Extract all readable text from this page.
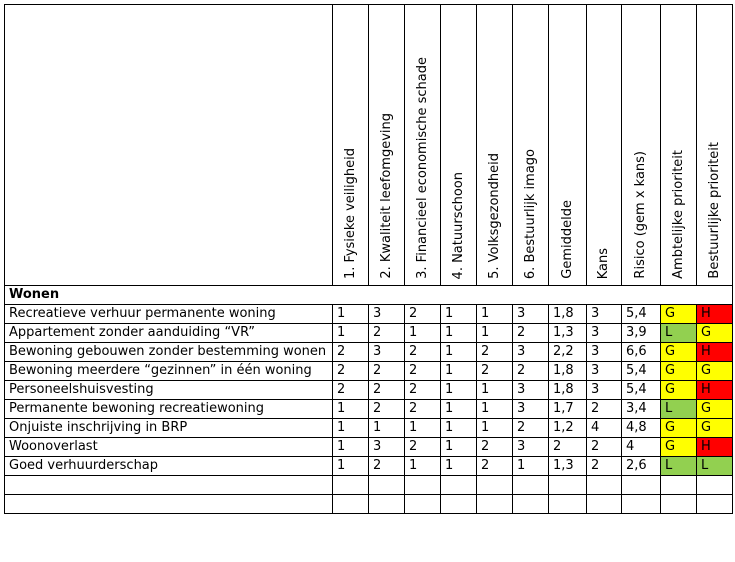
	1. Fysieke veiligheid	2. Kwaliteit leefomgeving	3. Financieel economische schade	4. Natuurschoon	5. Volksgezondheid	6. Bestuurlijk imago	Gemiddelde	Kans	Risico (gem x kans)	Ambtelijke prioriteit	Bestuurlijke prioriteit

Wonen											
Recreatieve verhuur permanente woning	1	3	2	1	1	3	1,8	3	5,4	G	H
Appartement zonder aanduiding “VR”	1	2	1	1	1	2	1,3	3	3,9	L	G
Bewoning gebouwen zonder bestemming wonen	2	3	2	1	2	3	2,2	3	6,6	G	H
Bewoning meerdere “gezinnen” in één woning	2	2	2	1	2	2	1,8	3	5,4	G	G
Personeelshuisvesting	2	2	2	1	1	3	1,8	3	5,4	G	H
Permanente bewoning recreatiewoning	1	2	2	1	1	3	1,7	2	3,4	L	G
Onjuiste inschrijving in BRP	1	1	1	1	1	2	1,2	4	4,8	G	G
Woonoverlast	1	3	2	1	2	3	2	2	4	G	H
Goed verhuurderschap	1	2	1	1	2	1	1,3	2	2,6	L	L
